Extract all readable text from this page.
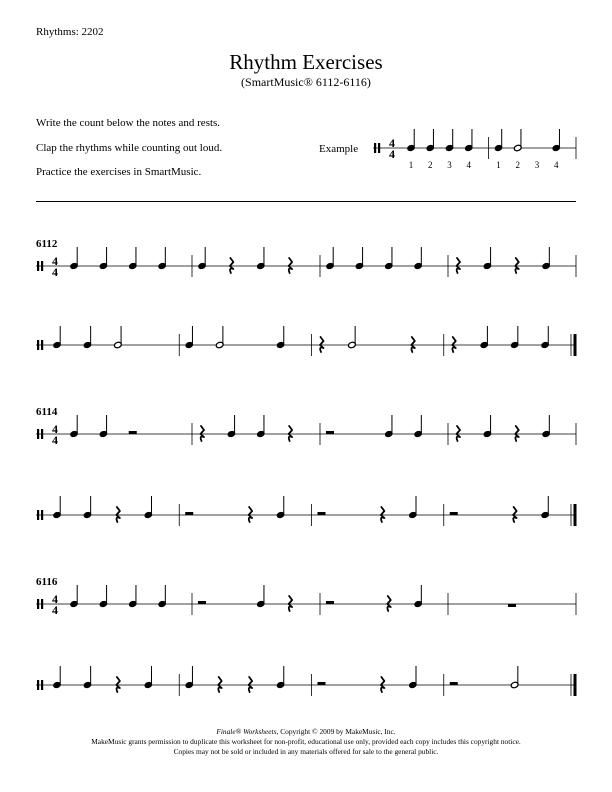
Rhythms: 2202
Rhythm Exercises
(SmartMusic® 6112-6116)
Write the count below the notes and rests.
Clap the rhythms while counting out loud.
Practice the exercises in SmartMusic.
Example	4
4
1 2 3 4	1 2 3 4
6112
4
4
6114
4
4
6116
4
4
Finale® Worksheets, Copyright © 2009 by MakeMusic, Inc.
MakeMusic grants permission to duplicate this worksheet for non-profit, educational use only, provided each copy includes this copyright notice.
Copies may not be sold or included in any materials offered for sale to the general public.
